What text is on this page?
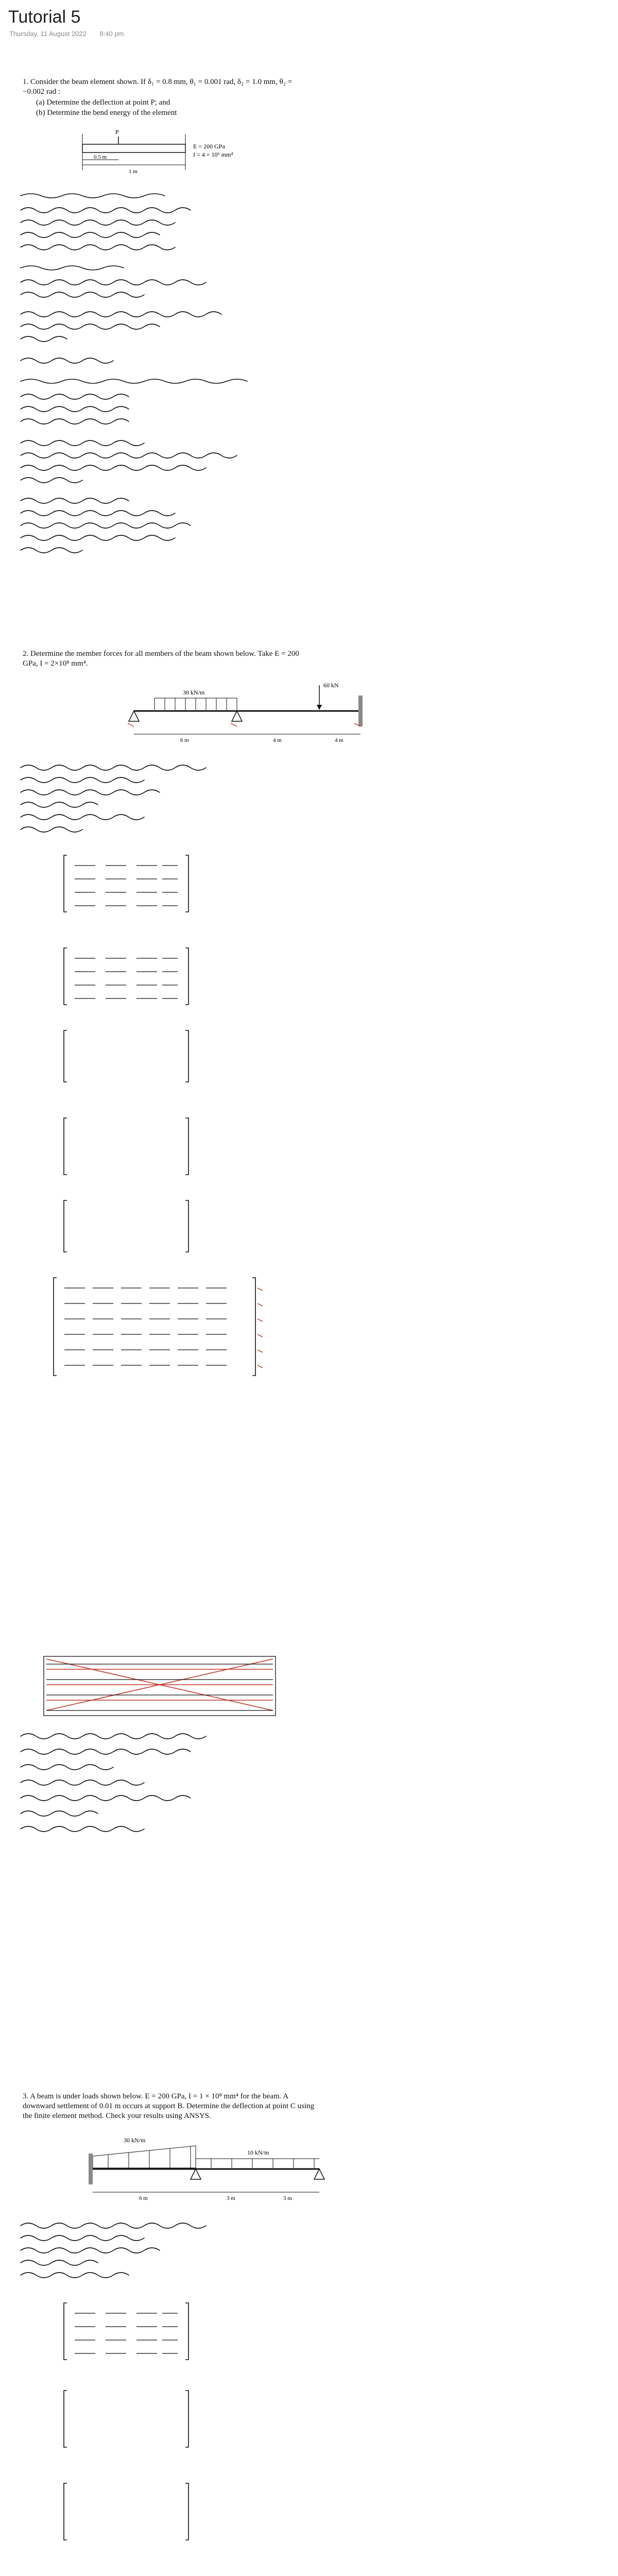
Tutorial 5
Thursday, 11 August 2022 8:40 pm
1. Consider the beam element shown. If δ₁ = 0.8 mm, θ₁ = 0.001 rad, δ₂ = 1.0 mm, θ₂ = −0.002 rad :
(a) Determine the deflection at point P; and
(b) Determine the bend energy of the element
P
0.5 m
1 m
E = 200 GPa
I = 4 × 10⁶ mm⁴
2. Determine the member forces for all members of the beam shown below. Take E = 200 GPa, I = 2×10⁸ mm⁴.
30 kN/m
60 kN
6 m	4 m	4 m
3. A beam is under loads shown below. E = 200 GPa, I = 1 × 10⁸ mm⁴ for the beam. A downward settlement of 0.01 m occurs at support B. Determine the deflection at point C using the finite element method. Check your results using ANSYS.
30 kN/m
10 kN/m
6 m	3 m	3 m
